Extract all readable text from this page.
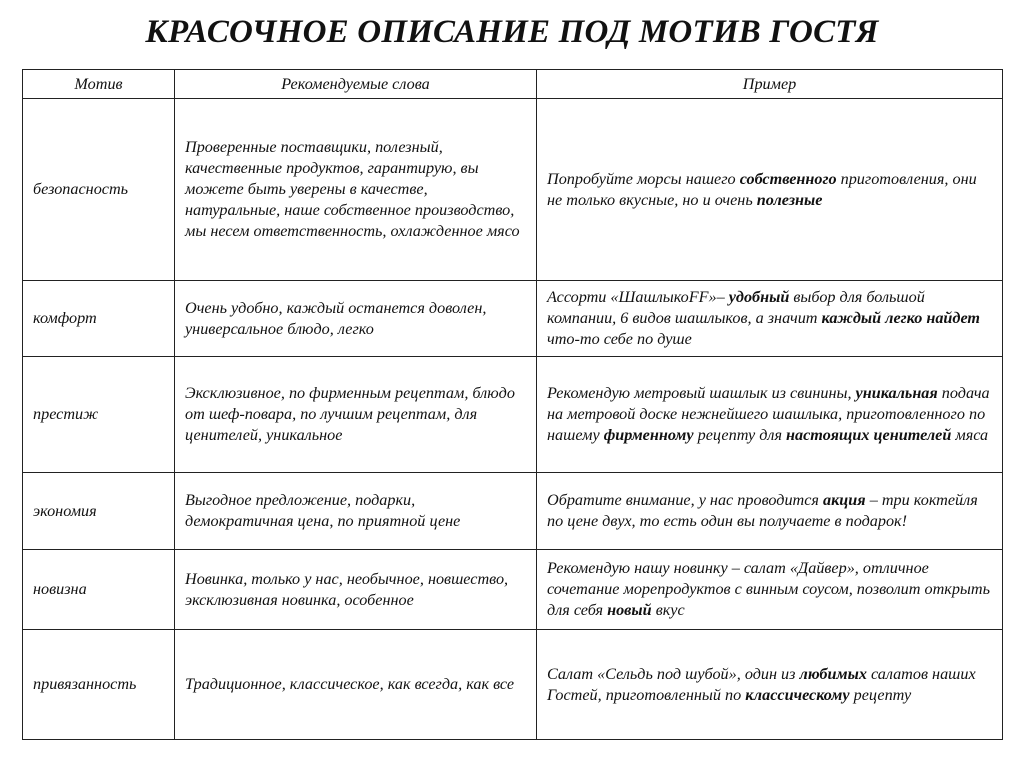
КРАСОЧНОЕ ОПИСАНИЕ ПОД МОТИВ ГОСТЯ
Мотив	Рекомендуемые слова	Пример
безопасность	Проверенные поставщики, полезный, качественные продуктов, гарантирую, вы можете быть уверены в качестве, натуральные, наше собственное производство, мы несем ответственность, охлажденное мясо	Попробуйте морсы нашего собственного приготовления, они не только вкусные, но и очень полезные
комфорт	Очень удобно, каждый останется доволен, универсальное блюдо, легко	Ассорти «ШашлыкоFF»– удобный выбор для большой компании, 6 видов шашлыков, а значит каждый легко найдет что-то себе по душе
престиж	Эксклюзивное, по фирменным рецептам, блюдо от шеф-повара, по лучшим рецептам, для ценителей, уникальное	Рекомендую метровый шашлык из свинины, уникальная подача на метровой доске нежнейшего шашлыка, приготовленного по нашему фирменному рецепту для настоящих ценителей мяса
экономия	Выгодное предложение, подарки, демократичная цена, по приятной цене	Обратите внимание, у нас проводится акция – три коктейля по цене двух, то есть один вы получаете в подарок!
новизна	Новинка, только у нас, необычное, новшество, эксклюзивная новинка, особенное	Рекомендую нашу новинку – салат «Дайвер», отличное сочетание морепродуктов с винным соусом, позволит открыть для себя новый вкус
привязанность	Традиционное, классическое, как всегда, как все	Салат «Сельдь под шубой», один из любимых салатов наших Гостей, приготовленный по классическому рецепту
